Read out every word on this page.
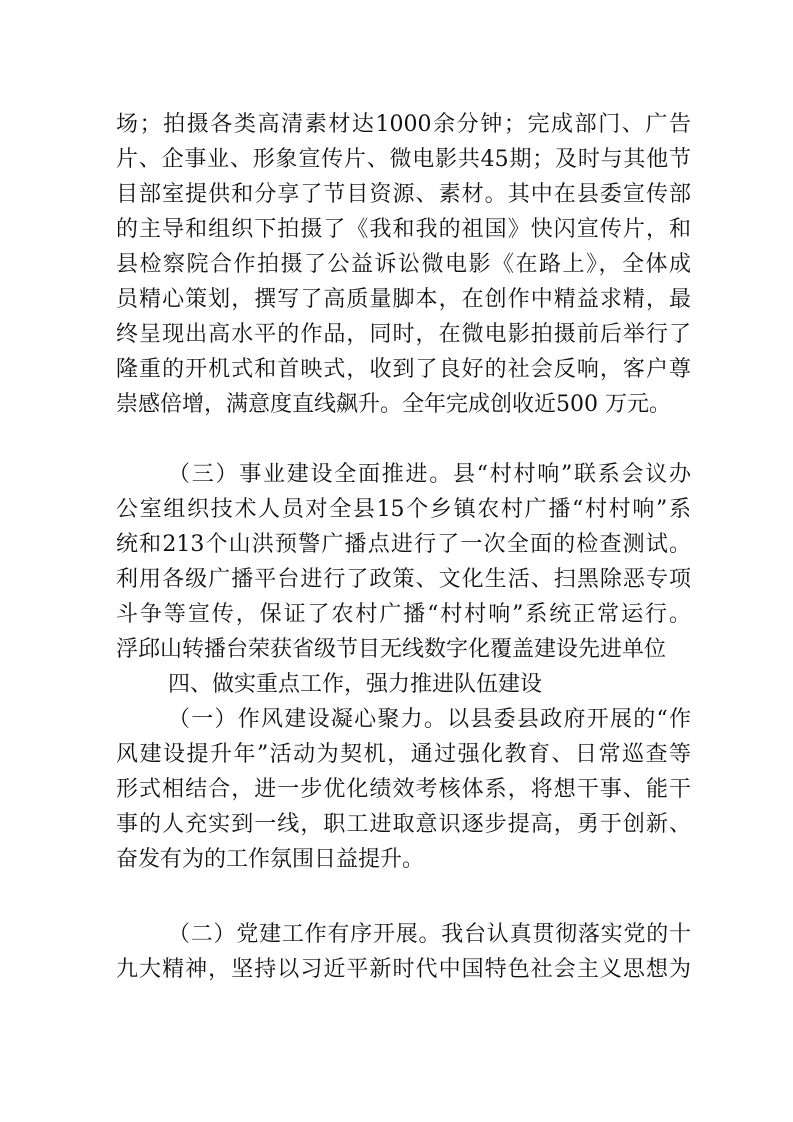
场；拍摄各类高清素材达1000余分钟；完成部门、广告
片、企事业、形象宣传片、微电影共45期；及时与其他节
目部室提供和分享了节目资源、素材。其中在县委宣传部
的主导和组织下拍摄了《我和我的祖国》快闪宣传片，和
县检察院合作拍摄了公益诉讼微电影《在路上》，全体成
员精心策划，撰写了高质量脚本，在创作中精益求精，最
终呈现出高水平的作品，同时，在微电影拍摄前后举行了
隆重的开机式和首映式，收到了良好的社会反响，客户尊
崇感倍增，满意度直线飙升。全年完成创收近500 万元。
（三）事业建设全面推进。县“村村响”联系会议办
公室组织技术人员对全县15个乡镇农村广播“村村响”系
统和213个山洪预警广播点进行了一次全面的检查测试。
利用各级广播平台进行了政策、文化生活、扫黑除恶专项
斗争等宣传，保证了农村广播“村村响”系统正常运行。
浮邱山转播台荣获省级节目无线数字化覆盖建设先进单位
四、做实重点工作，强力推进队伍建设
（一）作风建设凝心聚力。以县委县政府开展的“作
风建设提升年”活动为契机，通过强化教育、日常巡查等
形式相结合，进一步优化绩效考核体系，将想干事、能干
事的人充实到一线，职工进取意识逐步提高，勇于创新、
奋发有为的工作氛围日益提升。
（二）党建工作有序开展。我台认真贯彻落实党的十
九大精神，坚持以习近平新时代中国特色社会主义思想为
